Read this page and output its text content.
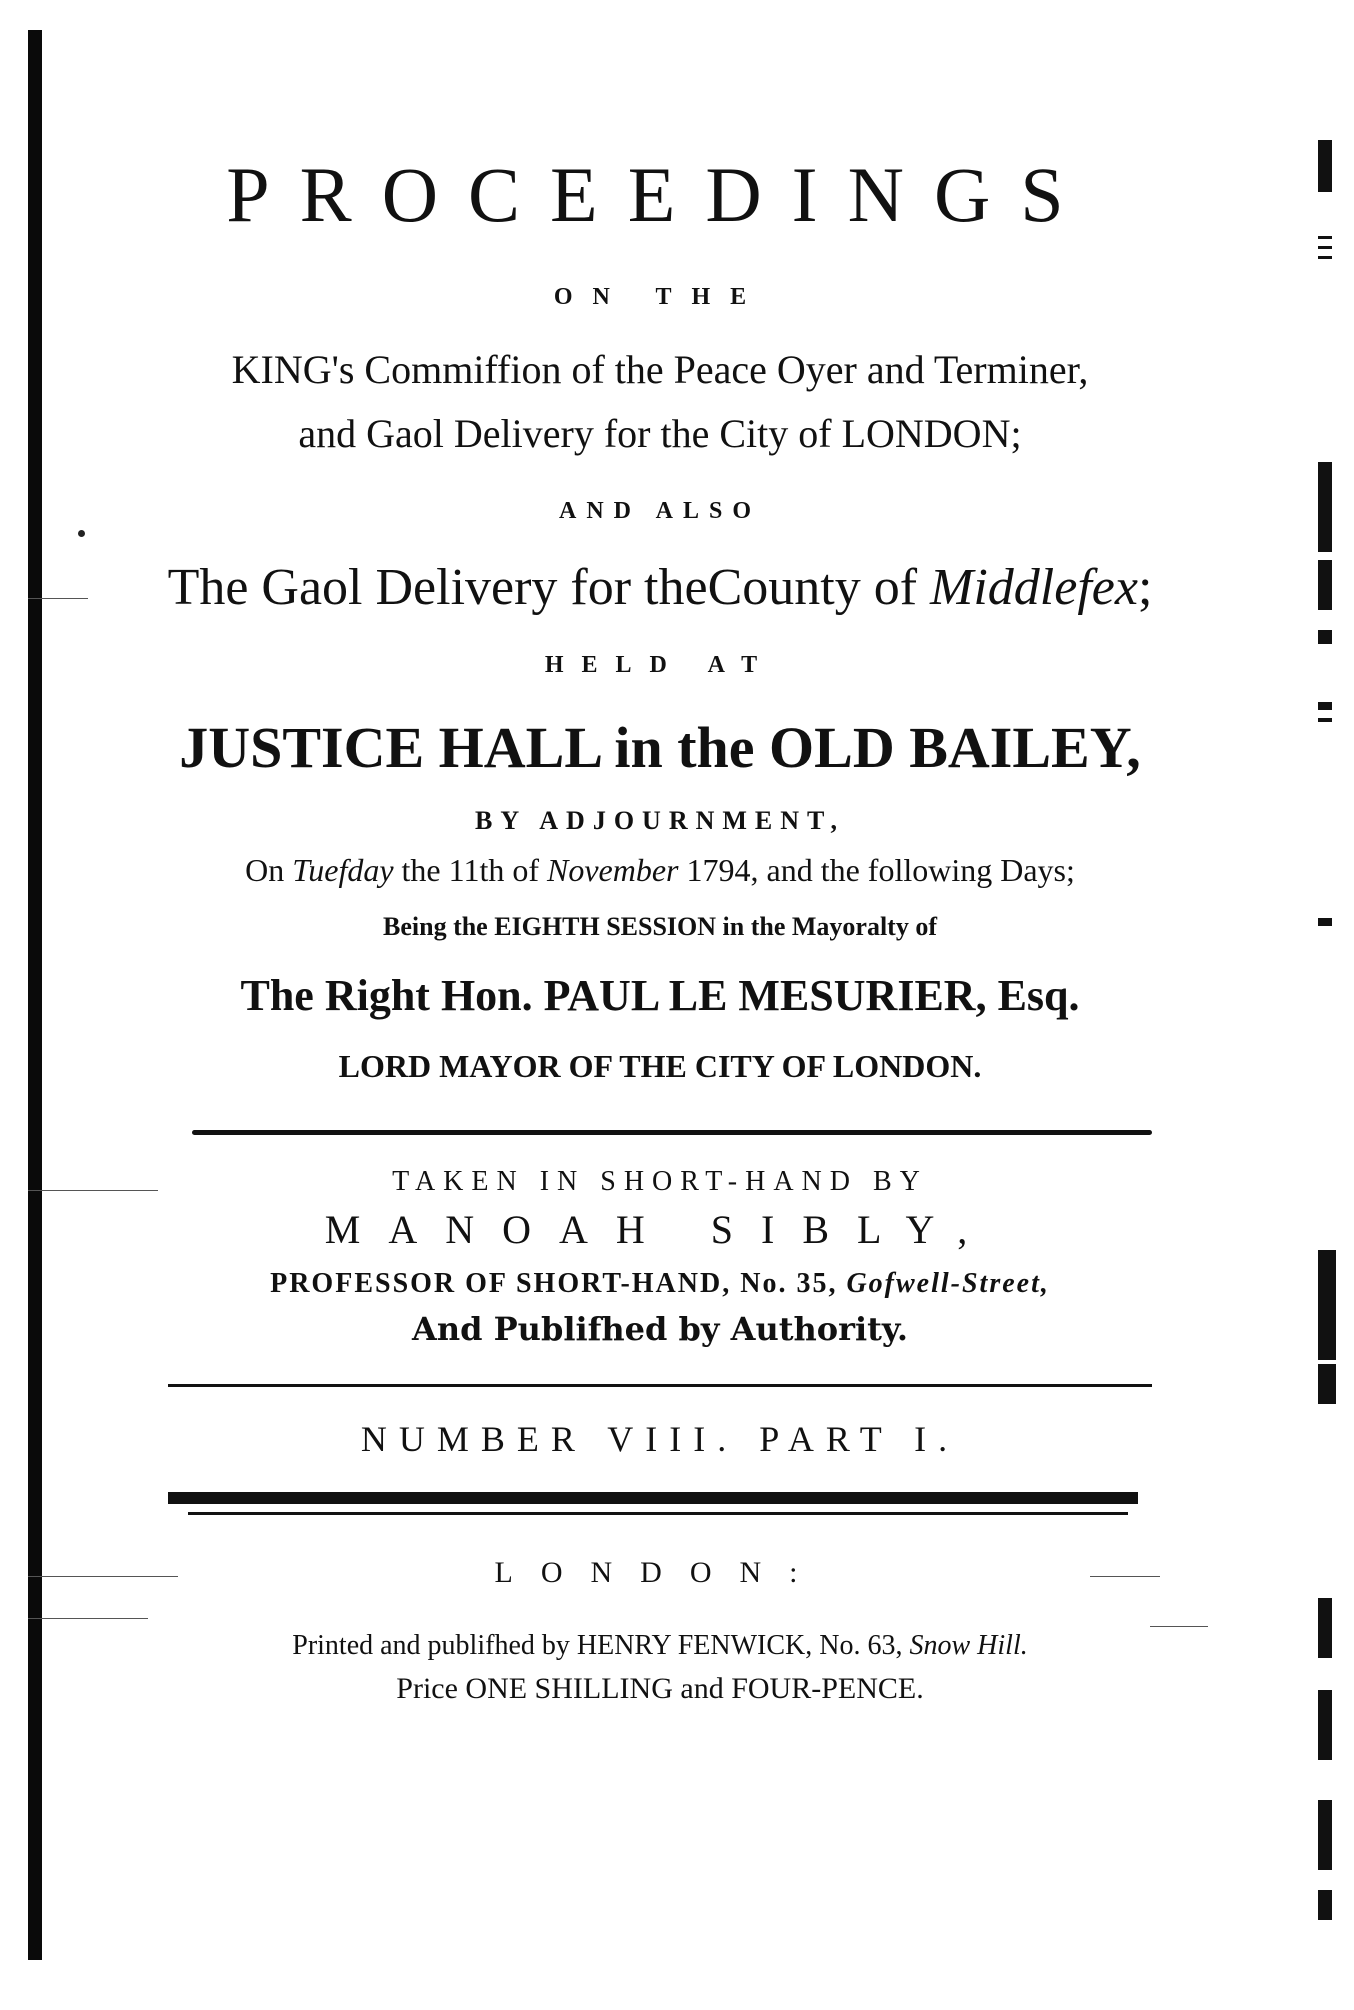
PROCEEDINGS
ON THE
KING's Commiffion of the Peace Oyer and Terminer,
and Gaol Delivery for the City of LONDON;
AND ALSO
The Gaol Delivery for theCounty of Middlefex;
HELD AT
JUSTICE HALL in the OLD BAILEY,
BY ADJOURNMENT,
On Tuefday the 11th of November 1794, and the following Days;
Being the EIGHTH SESSION in the Mayoralty of
The Right Hon. PAUL LE MESURIER, Esq.
LORD MAYOR OF THE CITY OF LONDON.
TAKEN IN SHORT-HAND BY
MANOAH SIBLY,
PROFESSOR OF SHORT-HAND, No. 35, Gofwell-Street,
And Publifhed by Authority.
NUMBER VIII. PART I.
LONDON:
Printed and publifhed by HENRY FENWICK, No. 63, Snow Hill.
Price ONE SHILLING and FOUR-PENCE.
